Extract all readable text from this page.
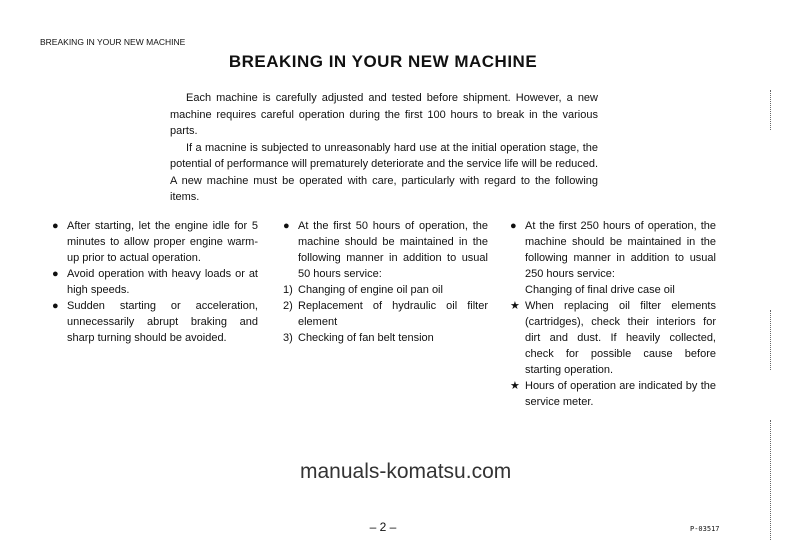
BREAKING IN YOUR NEW MACHINE
BREAKING IN YOUR NEW MACHINE

Each machine is carefully adjusted and tested before shipment. However, a new machine requires careful operation during the first 100 hours to break in the various parts.

If a macnine is subjected to unreasonably hard use at the initial operation stage, the potential of performance will prematurely deteriorate and the service life will be reduced. A new machine must be operated with care, particularly with regard to the following items.

● After starting, let the engine idle for 5 minutes to allow proper engine warm-up prior to actual operation.
● Avoid operation with heavy loads or at high speeds.
● Sudden starting or acceleration, unnecessarily abrupt braking and sharp turning should be avoided.
● At the first 50 hours of operation, the machine should be maintained in the following manner in addition to usual 50 hours service:
1) Changing of engine oil pan oil
2) Replacement of hydraulic oil filter element
3) Checking of fan belt tension
● At the first 250 hours of operation, the machine should be maintained in the following manner in addition to usual 250 hours service:
Changing of final drive case oil
★ When replacing oil filter elements (cartridges), check their interiors for dirt and dust. If heavily collected, check for possible cause before starting operation.
★ Hours of operation are indicated by the service meter.
manuals-komatsu.com
– 2 –	P-03517
